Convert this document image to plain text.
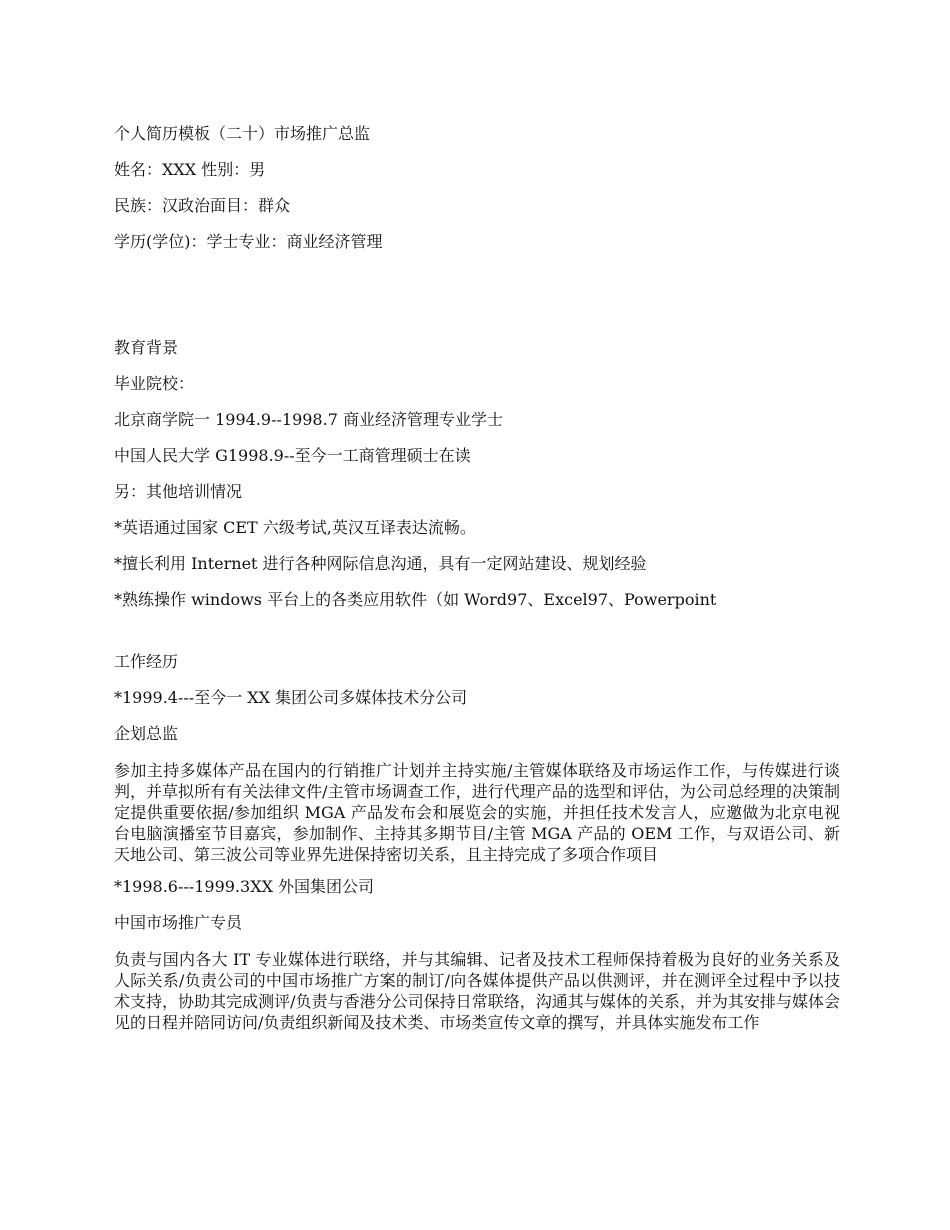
个人简历模板（二十）市场推广总监
姓名：XXX 性别：男
民族：汉政治面目：群众
学历(学位)：学士专业：商业经济管理
教育背景
毕业院校：
北京商学院一 1994.9--1998.7 商业经济管理专业学士
中国人民大学 G1998.9--至今一工商管理硕士在读
另：其他培训情况
*英语通过国家 CET 六级考试,英汉互译表达流畅。
*擅长利用 Internet 进行各种网际信息沟通，具有一定网站建设、规划经验
*熟练操作 windows 平台上的各类应用软件（如 Word97、Excel97、Powerpoint
工作经历
*1999.4---至今一 XX 集团公司多媒体技术分公司
企划总监
参加主持多媒体产品在国内的行销推广计划并主持实施/主管媒体联络及市场运作工作，与传媒进行谈判，并草拟所有有关法律文件/主管市场调查工作，进行代理产品的选型和评估，为公司总经理的决策制定提供重要依据/参加组织 MGA 产品发布会和展览会的实施，并担任技术发言人，应邀做为北京电视台电脑演播室节目嘉宾，参加制作、主持其多期节目/主管 MGA 产品的 OEM 工作，与双语公司、新天地公司、第三波公司等业界先进保持密切关系，且主持完成了多项合作项目
*1998.6---1999.3XX 外国集团公司
中国市场推广专员
负责与国内各大 IT 专业媒体进行联络，并与其编辑、记者及技术工程师保持着极为良好的业务关系及人际关系/负责公司的中国市场推广方案的制订/向各媒体提供产品以供测评，并在测评全过程中予以技术支持，协助其完成测评/负责与香港分公司保持日常联络，沟通其与媒体的关系，并为其安排与媒体会见的日程并陪同访问/负责组织新闻及技术类、市场类宣传文章的撰写，并具体实施发布工作
